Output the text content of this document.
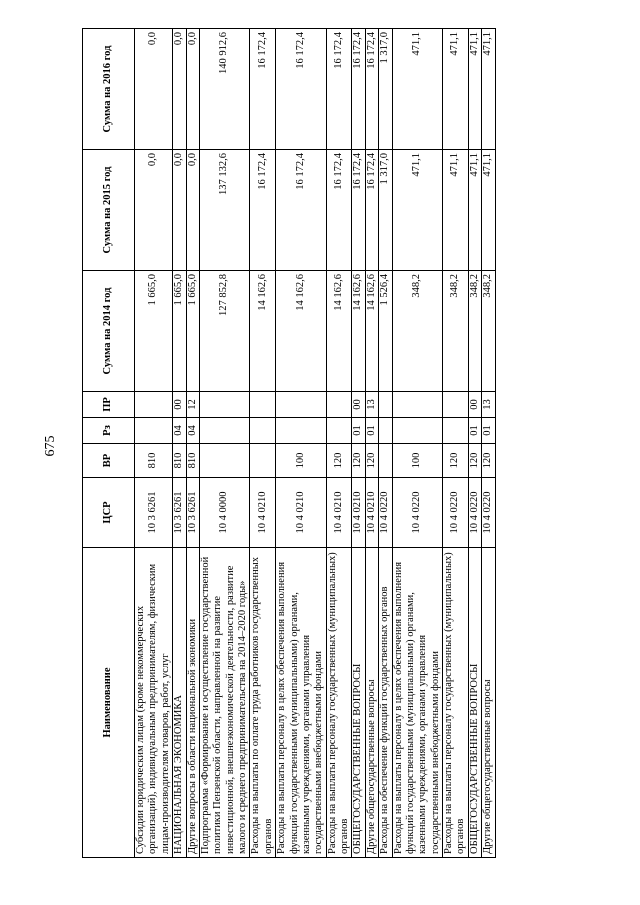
675
Наименование	ЦСР	ВР	Рз	ПР	Сумма на 2014 год	Сумма на 2015 год	Сумма на 2016 год
Субсидии юридическим лицам (кроме некоммерческих организаций), индивидуальным предпринимателям, физическим лицам-производителям товаров, работ, услуг	10 3 6261	810			1 665,0	0,0	0,0
НАЦИОНАЛЬНАЯ ЭКОНОМИКА	10 3 6261	810	04	00	1 665,0	0,0	0,0
Другие вопросы в области национальной экономики	10 3 6261	810	04	12	1 665,0	0,0	0,0
Подпрограмма «Формирование и осуществление государственной политики Пензенской области, направленной на развитие инвестиционной, внешнеэкономической деятельности, развитие малого и среднего предпринимательства на 2014–2020 годы»	10 4 0000				127 852,8	137 132,6	140 912,6
Расходы на выплаты по оплате труда работников государственных органов	10 4 0210				14 162,6	16 172,4	16 172,4
Расходы на выплаты персоналу в целях обеспечения выполнения функций государственными (муниципальными) органами, казенными учреждениями, органами управления государственными внебюджетными фондами	10 4 0210	100			14 162,6	16 172,4	16 172,4
Расходы на выплаты персоналу государственных (муниципальных) органов	10 4 0210	120			14 162,6	16 172,4	16 172,4
ОБЩЕГОСУДАРСТВЕННЫЕ ВОПРОСЫ	10 4 0210	120	01	00	14 162,6	16 172,4	16 172,4
Другие общегосударственные вопросы	10 4 0210	120	01	13	14 162,6	16 172,4	16 172,4
Расходы на обеспечение функций государственных органов	10 4 0220				1 526,4	1 317,0	1 317,0
Расходы на выплаты персоналу в целях обеспечения выполнения функций государственными (муниципальными) органами, казенными учреждениями, органами управления государственными внебюджетными фондами	10 4 0220	100			348,2	471,1	471,1
Расходы на выплаты персоналу государственных (муниципальных) органов	10 4 0220	120			348,2	471,1	471,1
ОБЩЕГОСУДАРСТВЕННЫЕ ВОПРОСЫ	10 4 0220	120	01	00	348,2	471,1	471,1
Другие общегосударственные вопросы	10 4 0220	120	01	13	348,2	471,1	471,1
